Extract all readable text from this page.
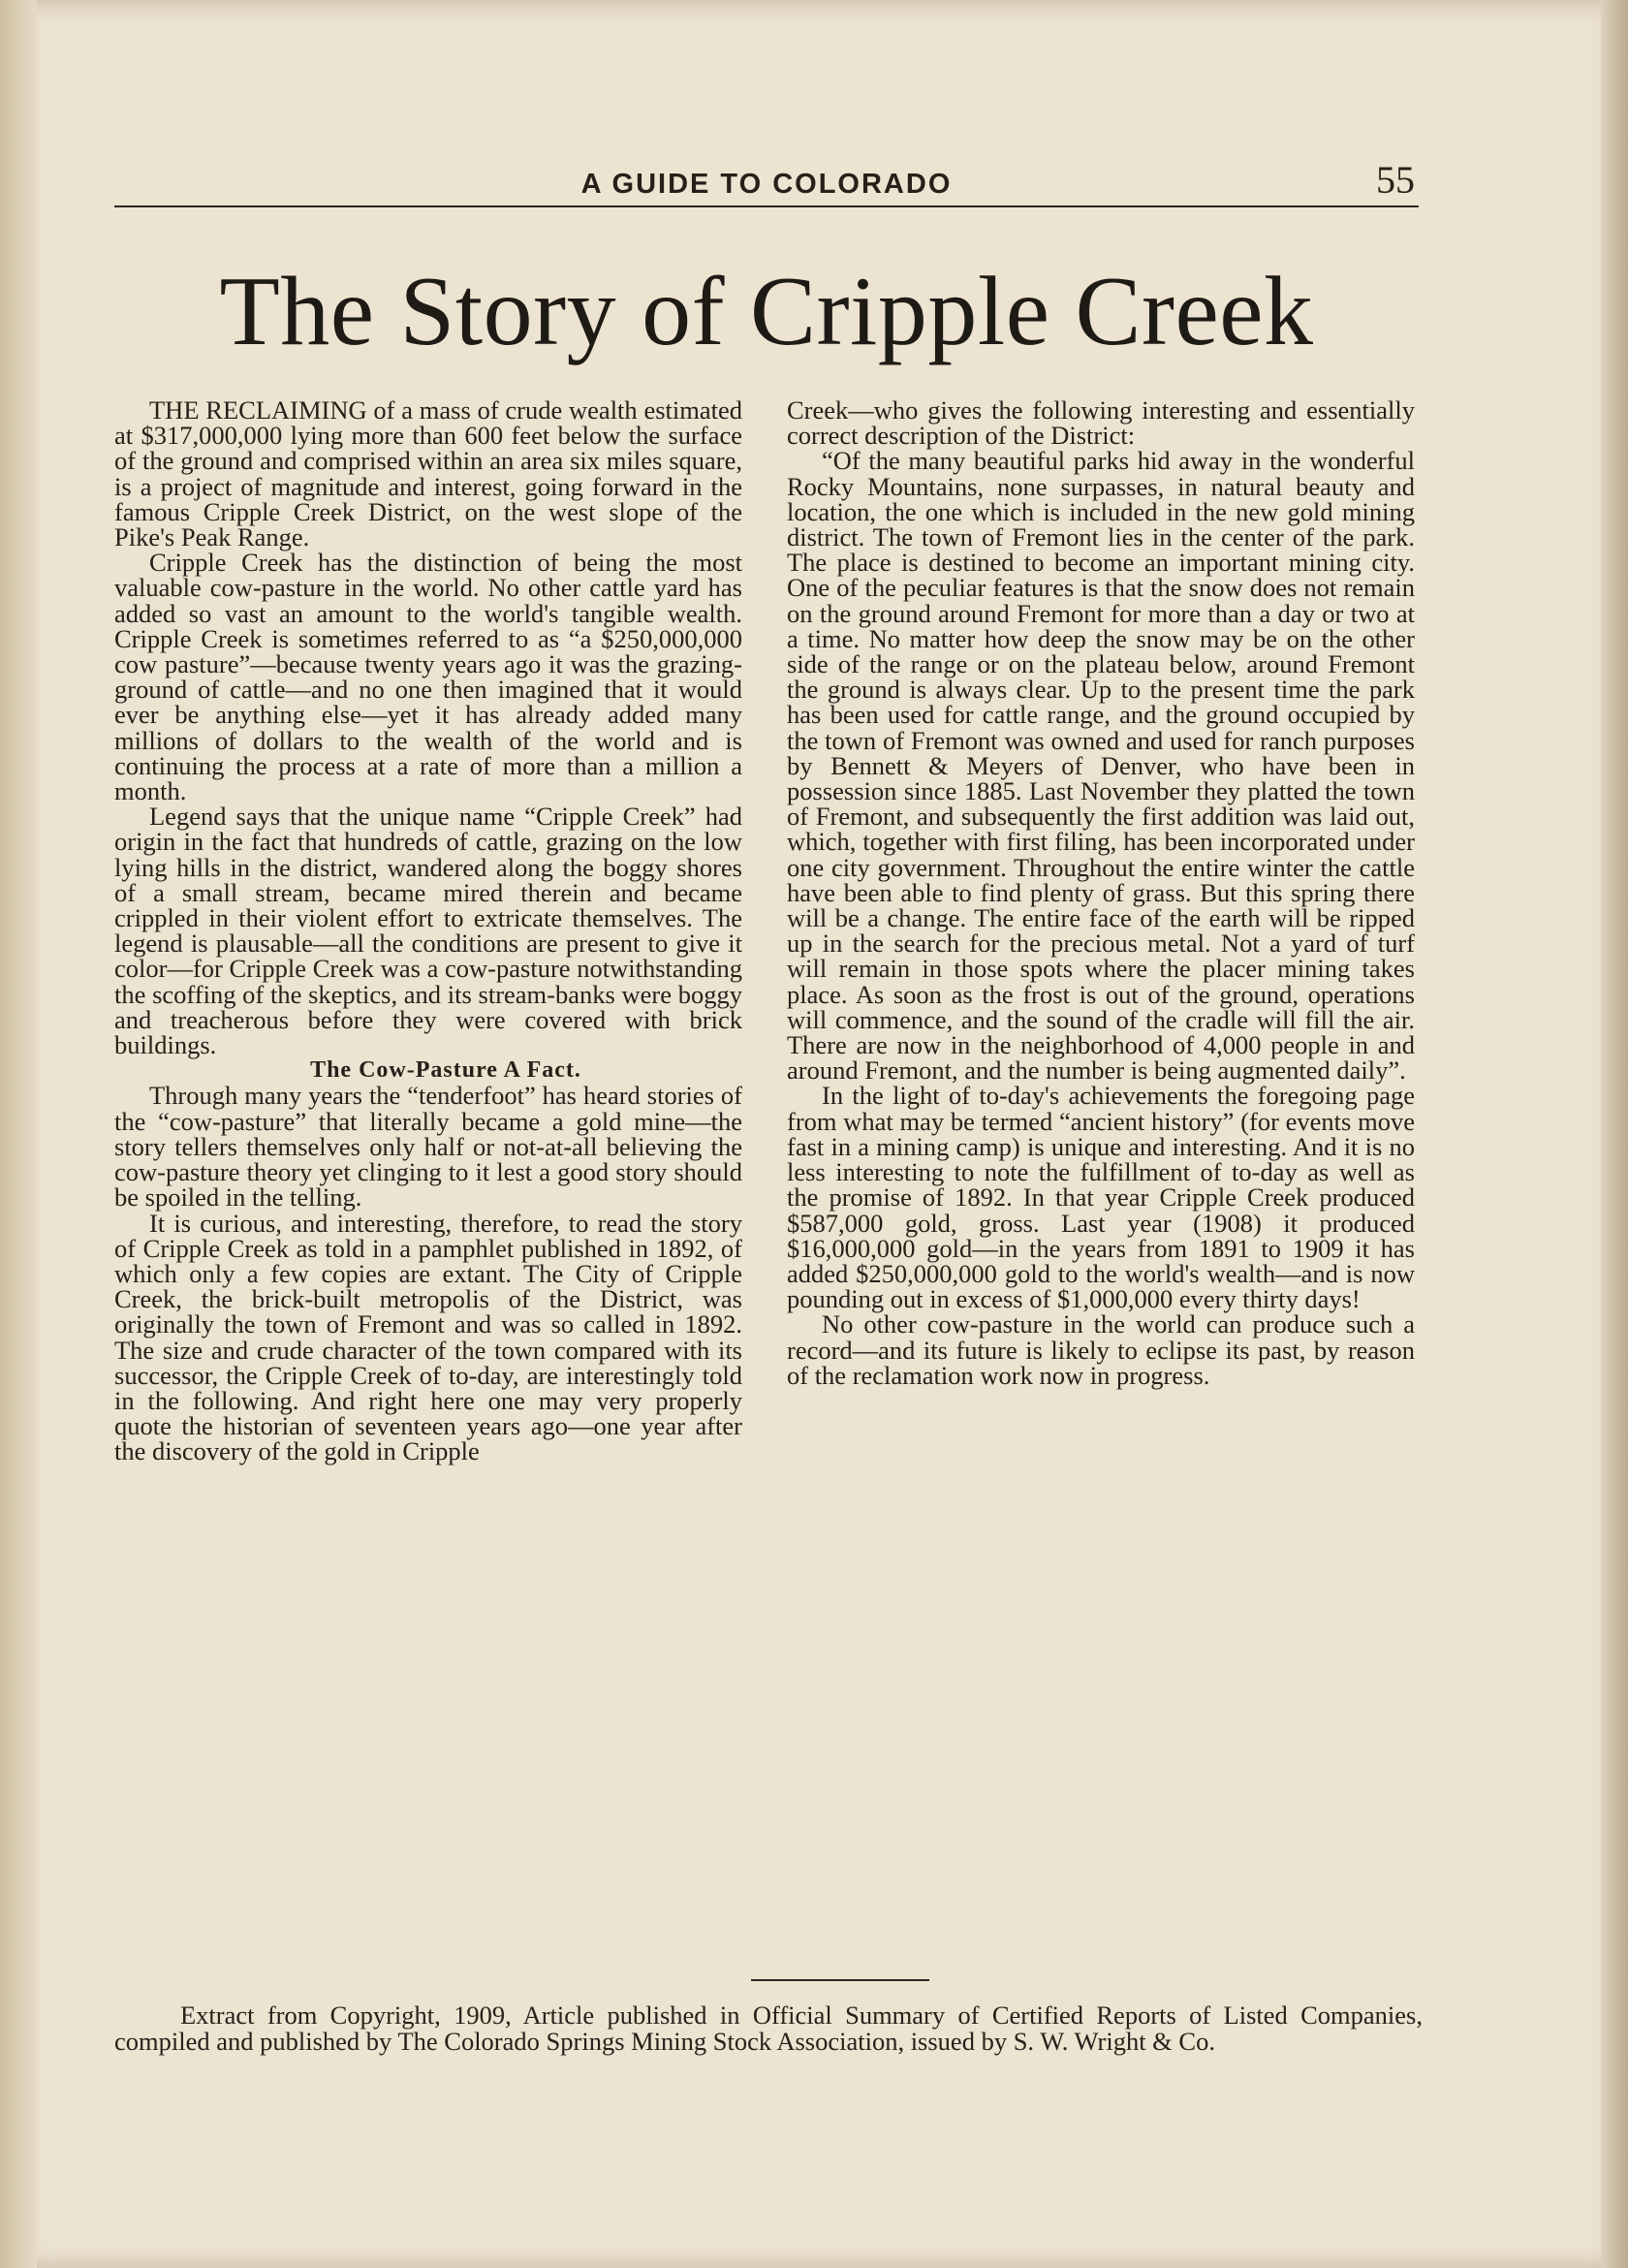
A GUIDE TO COLORADO	55
The Story of Cripple Creek

THE RECLAIMING of a mass of crude wealth estimated at $317,000,000 lying more than 600 feet below the surface of the ground and comprised within an area six miles square, is a project of magnitude and interest, going forward in the famous Cripple Creek District, on the west slope of the Pike's Peak Range.

Cripple Creek has the distinction of being the most valuable cow-pasture in the world. No other cattle yard has added so vast an amount to the world's tangible wealth. Cripple Creek is sometimes referred to as “a $250,000,000 cow pasture”—because twenty years ago it was the grazing-ground of cattle—and no one then imagined that it would ever be anything else—yet it has already added many millions of dollars to the wealth of the world and is continuing the process at a rate of more than a million a month.

Legend says that the unique name “Cripple Creek” had origin in the fact that hundreds of cattle, grazing on the low lying hills in the district, wandered along the boggy shores of a small stream, became mired therein and became crippled in their violent effort to extricate themselves. The legend is plausable—all the conditions are present to give it color—for Cripple Creek was a cow-pasture notwithstanding the scoffing of the skeptics, and its stream-banks were boggy and treacherous before they were covered with brick buildings.

The Cow-Pasture A Fact.

Through many years the “tenderfoot” has heard stories of the “cow-pasture” that literally became a gold mine—the story tellers themselves only half or not-at-all believing the cow-pasture theory yet clinging to it lest a good story should be spoiled in the telling.

It is curious, and interesting, therefore, to read the story of Cripple Creek as told in a pamphlet published in 1892, of which only a few copies are extant. The City of Cripple Creek, the brick-built metropolis of the District, was originally the town of Fremont and was so called in 1892. The size and crude character of the town compared with its successor, the Cripple Creek of to-day, are interestingly told in the following. And right here one may very properly quote the historian of seventeen years ago—one year after the discovery of the gold in Cripple

Creek—who gives the following interesting and essentially correct description of the District:

“Of the many beautiful parks hid away in the wonderful Rocky Mountains, none surpasses, in natural beauty and location, the one which is included in the new gold mining district. The town of Fremont lies in the center of the park. The place is destined to become an important mining city. One of the peculiar features is that the snow does not remain on the ground around Fremont for more than a day or two at a time. No matter how deep the snow may be on the other side of the range or on the plateau below, around Fremont the ground is always clear. Up to the present time the park has been used for cattle range, and the ground occupied by the town of Fremont was owned and used for ranch purposes by Bennett & Meyers of Denver, who have been in possession since 1885. Last November they platted the town of Fremont, and subsequently the first addition was laid out, which, together with first filing, has been incorporated under one city government. Throughout the entire winter the cattle have been able to find plenty of grass. But this spring there will be a change. The entire face of the earth will be ripped up in the search for the precious metal. Not a yard of turf will remain in those spots where the placer mining takes place. As soon as the frost is out of the ground, operations will commence, and the sound of the cradle will fill the air. There are now in the neighborhood of 4,000 people in and around Fremont, and the number is being augmented daily”.

In the light of to-day's achievements the foregoing page from what may be termed “ancient history” (for events move fast in a mining camp) is unique and interesting. And it is no less interesting to note the fulfillment of to-day as well as the promise of 1892. In that year Cripple Creek produced $587,000 gold, gross. Last year (1908) it produced $16,000,000 gold—in the years from 1891 to 1909 it has added $250,000,000 gold to the world's wealth—and is now pounding out in excess of $1,000,000 every thirty days!

No other cow-pasture in the world can produce such a record—and its future is likely to eclipse its past, by reason of the reclamation work now in progress.

Extract from Copyright, 1909, Article published in Official Summary of Certified Reports of Listed Companies, compiled and published by The Colorado Springs Mining Stock Association, issued by S. W. Wright & Co.
